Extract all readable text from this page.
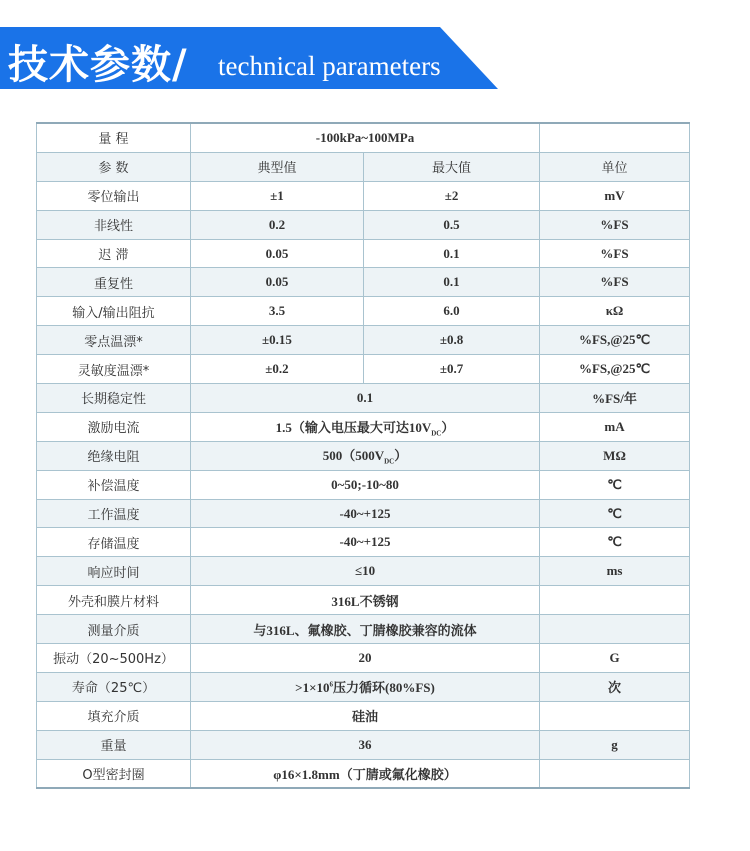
技术参数/ technical parameters
量 程	-100kPa~100MPa		
参 数	典型值	最大值	单位
零位输出	±1	±2	mV
非线性	0.2	0.5	%FS
迟 滞	0.05	0.1	%FS
重复性	0.05	0.1	%FS
输入/输出阻抗	3.5	6.0	κΩ
零点温漂*	±0.15	±0.8	%FS,@25℃
灵敏度温漂*	±0.2	±0.7	%FS,@25℃
长期稳定性	0.1		%FS/年
激励电流	1.5（输入电压最大可达$10V_{DC}$）		mA
绝缘电阻	$500(500V_{DC})$		MΩ
补偿温度	0~50;-10~80		℃
工作温度	-40~+125		℃
存储温度	-40~+125		℃
响应时间	≤10		ms
外壳和膜片材料	316L不锈钢		
测量介质	与316L、氟橡胶、丁腈橡胶兼容的流体		
振动（20~500Hz）	20		G
寿命（25℃）	$>1\times 10^6$压力循环(80%FS)		次
填充介质	硅油		
重量	36		g
O型密封圈	φ16×1.8mm（丁腈或氟化橡胶）		
